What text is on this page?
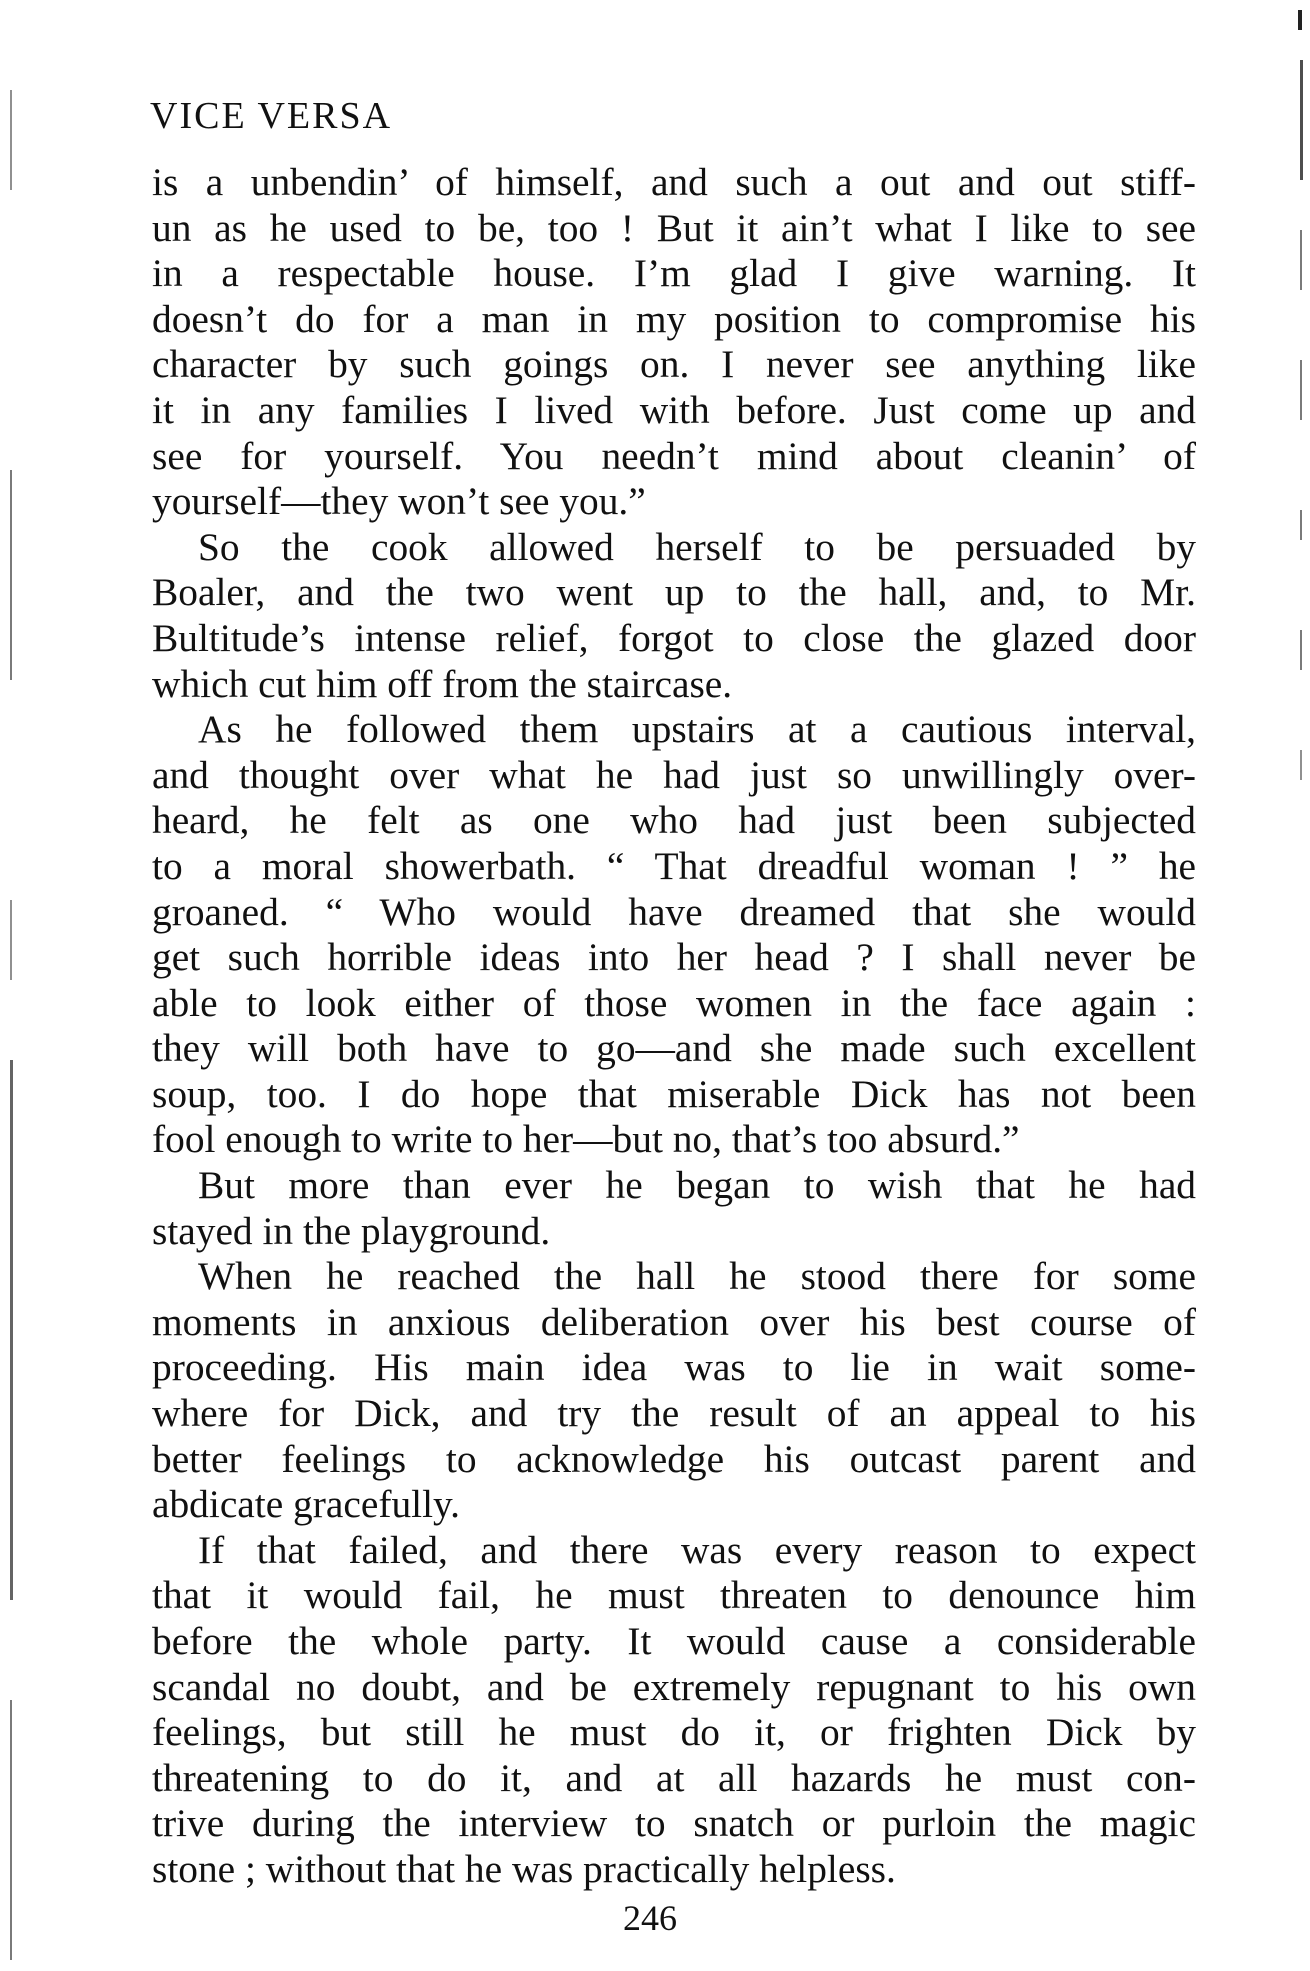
VICE VERSA
is a unbendin’ of himself, and such a out and out stiff-
un as he used to be, too ! But it ain’t what I like to see
in a respectable house. I’m glad I give warning. It
doesn’t do for a man in my position to compromise his
character by such goings on. I never see anything like
it in any families I lived with before. Just come up and
see for yourself. You needn’t mind about cleanin’ of
yourself—they won’t see you.”
So the cook allowed herself to be persuaded by
Boaler, and the two went up to the hall, and, to Mr.
Bultitude’s intense relief, forgot to close the glazed door
which cut him off from the staircase.
As he followed them upstairs at a cautious interval,
and thought over what he had just so unwillingly over-
heard, he felt as one who had just been subjected
to a moral showerbath. “ That dreadful woman ! ” he
groaned. “ Who would have dreamed that she would
get such horrible ideas into her head ? I shall never be
able to look either of those women in the face again :
they will both have to go—and she made such excellent
soup, too. I do hope that miserable Dick has not been
fool enough to write to her—but no, that’s too absurd.”
But more than ever he began to wish that he had
stayed in the playground.
When he reached the hall he stood there for some
moments in anxious deliberation over his best course of
proceeding. His main idea was to lie in wait some-
where for Dick, and try the result of an appeal to his
better feelings to acknowledge his outcast parent and
abdicate gracefully.
If that failed, and there was every reason to expect
that it would fail, he must threaten to denounce him
before the whole party. It would cause a considerable
scandal no doubt, and be extremely repugnant to his own
feelings, but still he must do it, or frighten Dick by
threatening to do it, and at all hazards he must con-
trive during the interview to snatch or purloin the magic
stone ; without that he was practically helpless.
246
